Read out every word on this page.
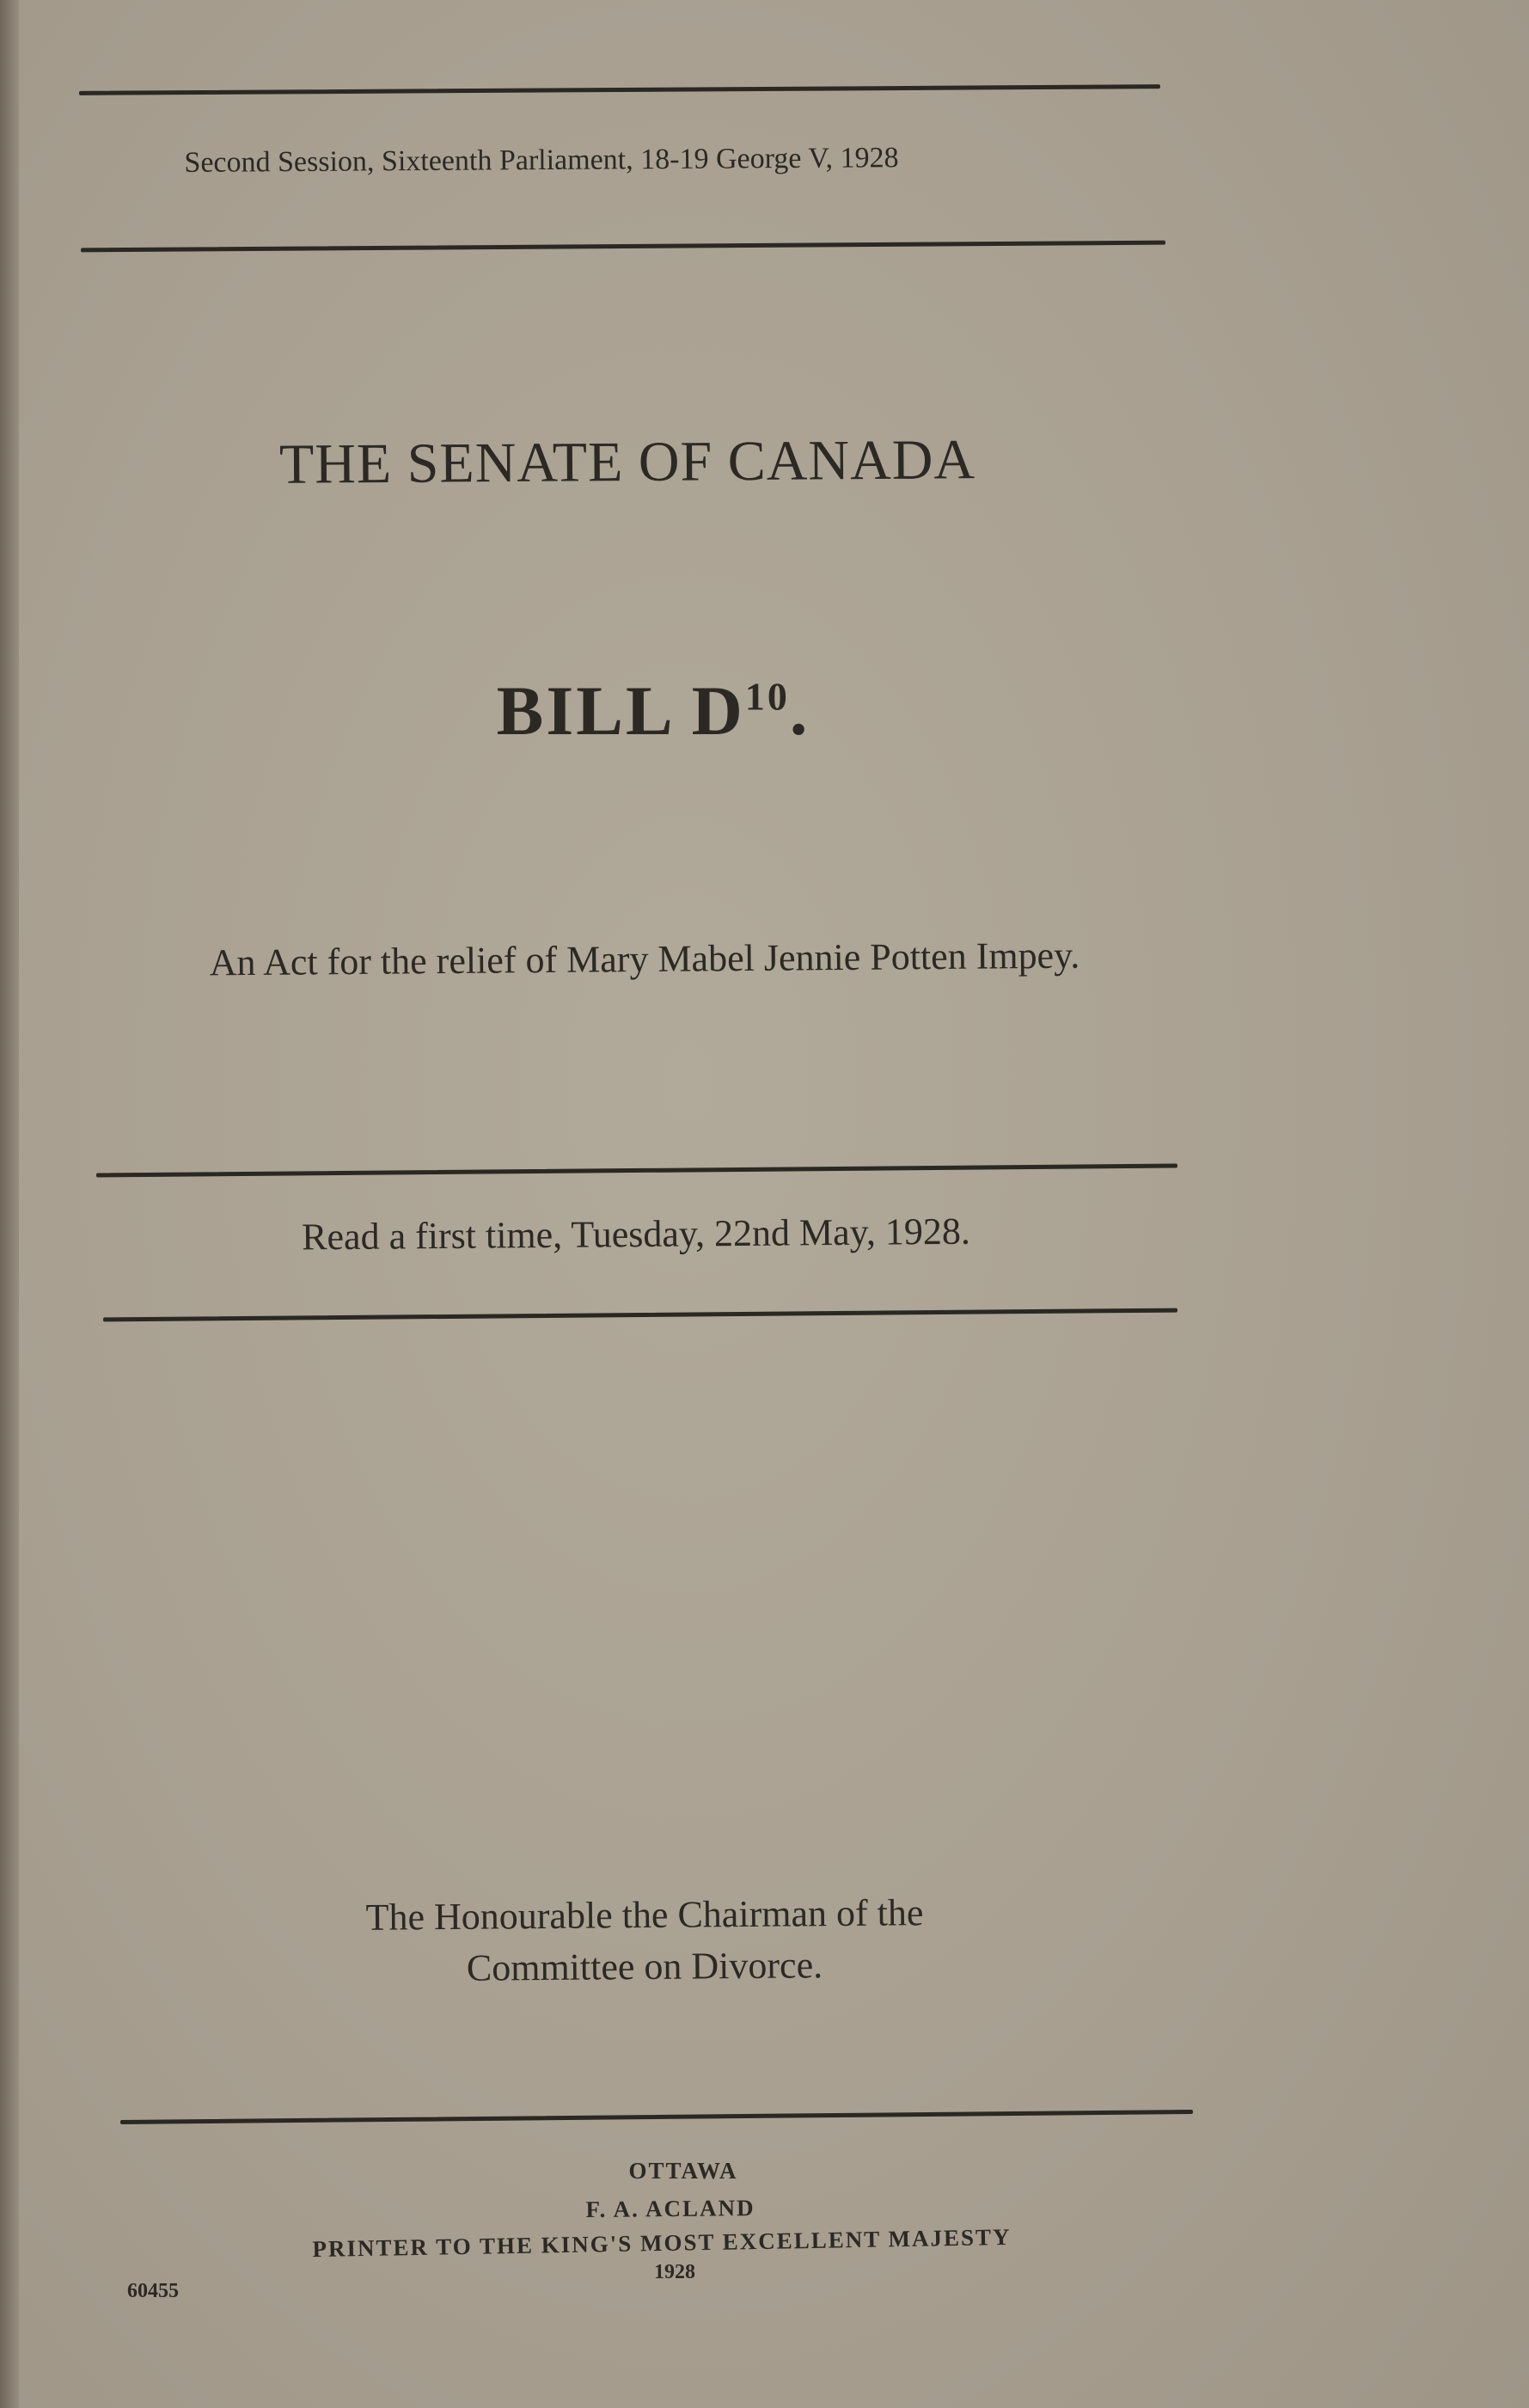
Second Session, Sixteenth Parliament, 18-19 George V, 1928
THE SENATE OF CANADA
BILL $D^{10}$.
An Act for the relief of Mary Mabel Jennie Potten Impey.
Read a first time, Tuesday, 22nd May, 1928.
The Honourable the Chairman of the
Committee on Divorce.
OTTAWA
F. A. ACLAND
PRINTER TO THE KING'S MOST EXCELLENT MAJESTY
1928
60455
